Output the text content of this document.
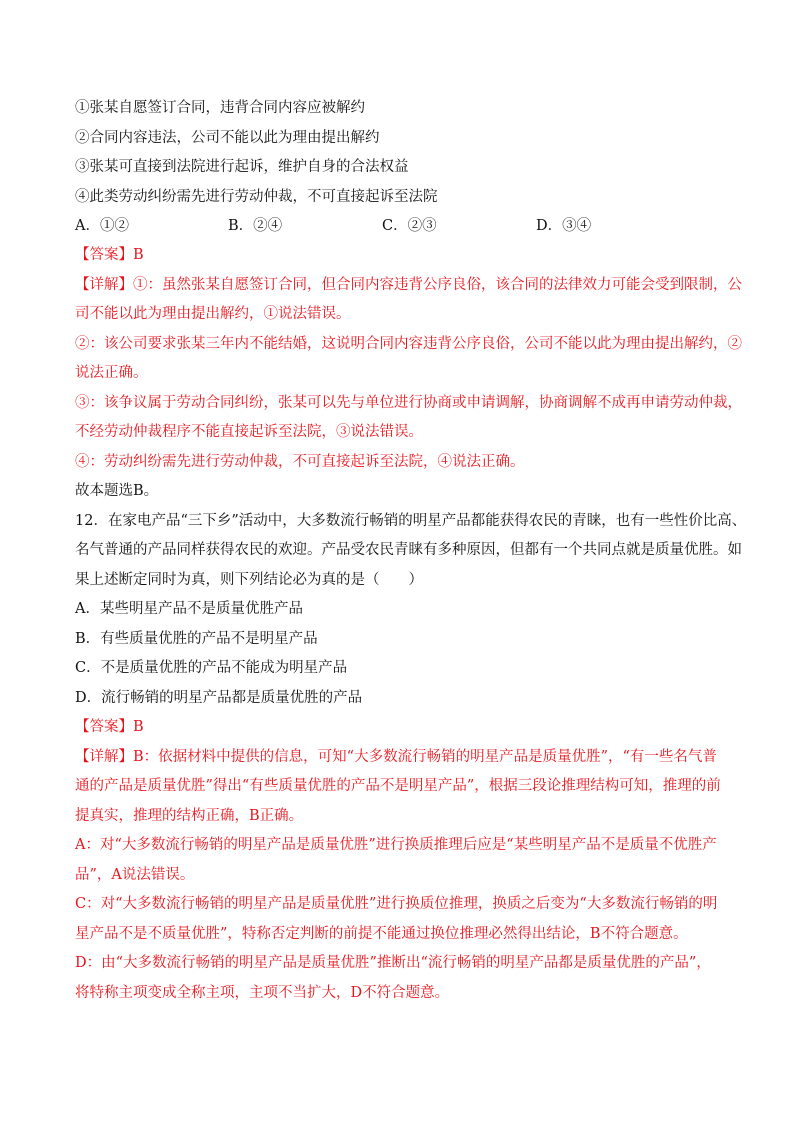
①张某自愿签订合同，违背合同内容应被解约
②合同内容违法，公司不能以此为理由提出解约
③张某可直接到法院进行起诉，维护自身的合法权益
④此类劳动纠纷需先进行劳动仲裁，不可直接起诉至法院
A．①②	B．②④	C．②③	D．③④
【答案】B
【详解】①：虽然张某自愿签订合同，但合同内容违背公序良俗，该合同的法律效力可能会受到限制，公
司不能以此为理由提出解约，①说法错误。
②：该公司要求张某三年内不能结婚，这说明合同内容违背公序良俗，公司不能以此为理由提出解约，②
说法正确。
③：该争议属于劳动合同纠纷，张某可以先与单位进行协商或申请调解，协商调解不成再申请劳动仲裁，
不经劳动仲裁程序不能直接起诉至法院，③说法错误。
④：劳动纠纷需先进行劳动仲裁，不可直接起诉至法院，④说法正确。
故本题选B。
12．在家电产品“三下乡”活动中，大多数流行畅销的明星产品都能获得农民的青睐，也有一些性价比高、
名气普通的产品同样获得农民的欢迎。产品受农民青睐有多种原因，但都有一个共同点就是质量优胜。如
果上述断定同时为真，则下列结论必为真的是（　　）
A．某些明星产品不是质量优胜产品
B．有些质量优胜的产品不是明星产品
C．不是质量优胜的产品不能成为明星产品
D．流行畅销的明星产品都是质量优胜的产品
【答案】B
【详解】B：依据材料中提供的信息，可知“大多数流行畅销的明星产品是质量优胜”，“有一些名气普
通的产品是质量优胜”得出“有些质量优胜的产品不是明星产品”，根据三段论推理结构可知，推理的前
提真实，推理的结构正确，B正确。
A：对“大多数流行畅销的明星产品是质量优胜”进行换质推理后应是“某些明星产品不是质量不优胜产
品”，A说法错误。
C：对“大多数流行畅销的明星产品是质量优胜”进行换质位推理，换质之后变为“大多数流行畅销的明
星产品不是不质量优胜”，特称否定判断的前提不能通过换位推理必然得出结论，B不符合题意。
D：由“大多数流行畅销的明星产品是质量优胜”推断出“流行畅销的明星产品都是质量优胜的产品”，
将特称主项变成全称主项，主项不当扩大，D不符合题意。
